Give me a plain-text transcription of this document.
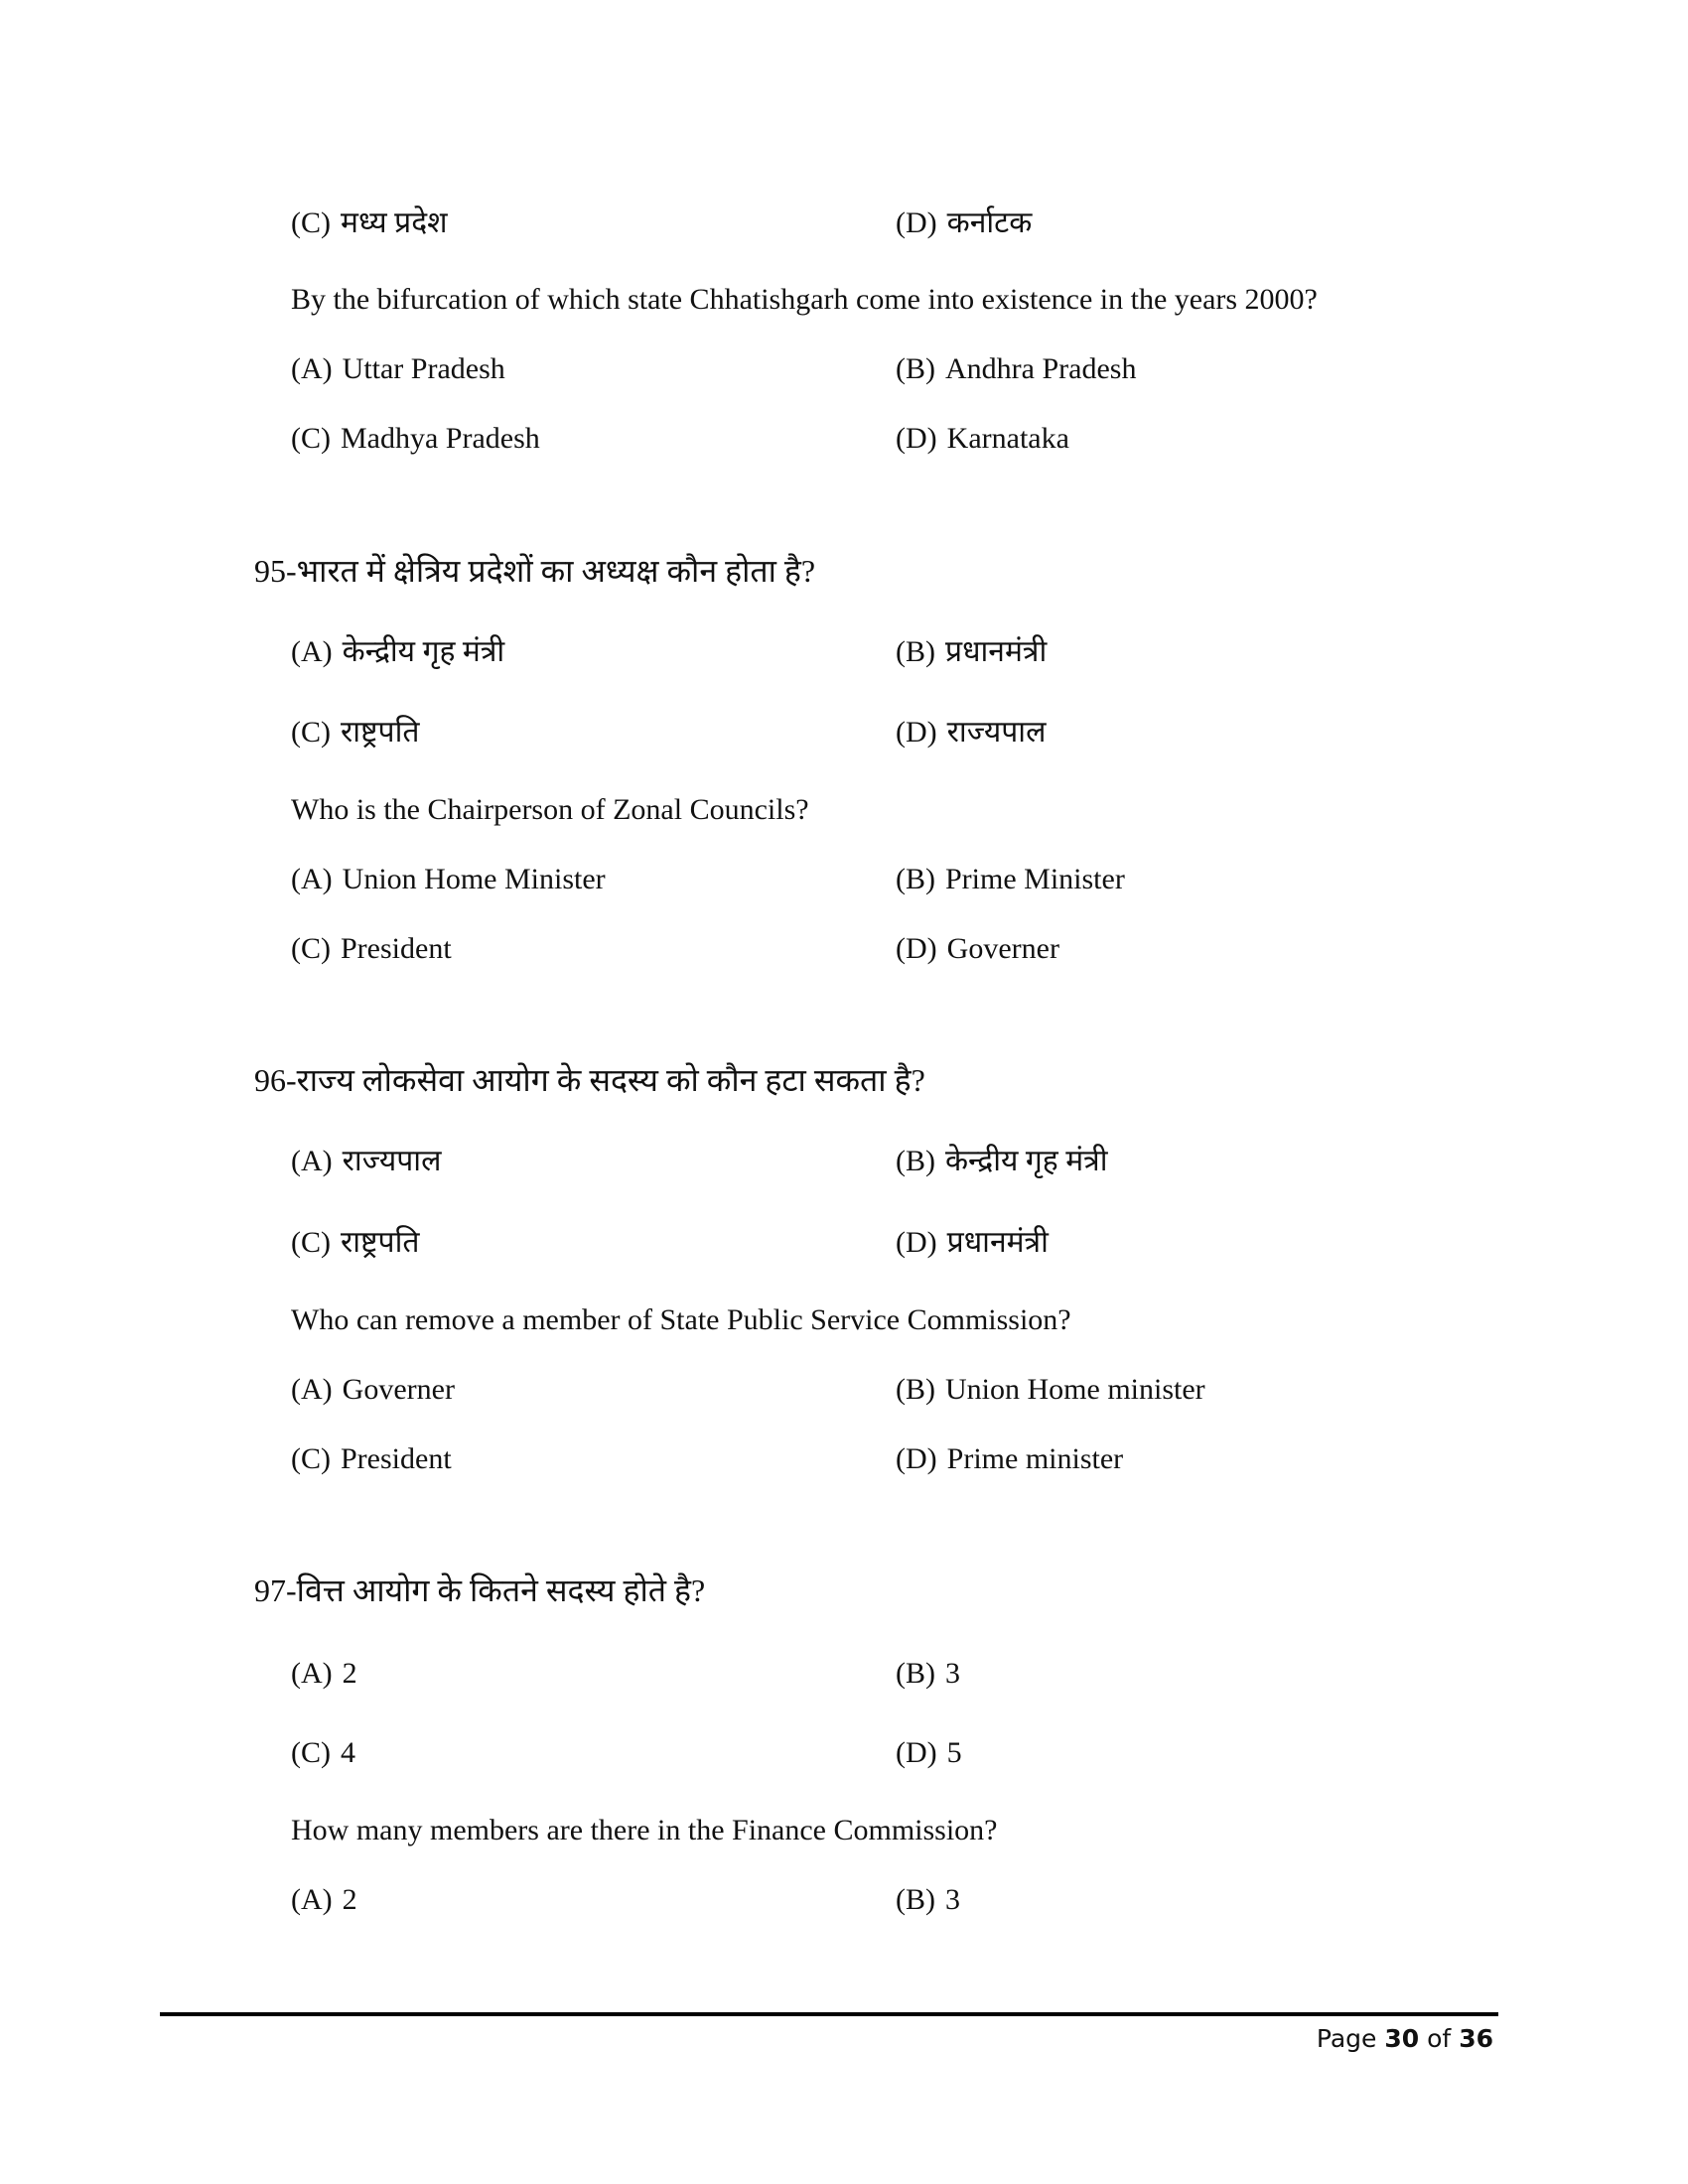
(C) मध्य प्रदेश	(D) कर्नाटक
By the bifurcation of which state Chhatishgarh come into existence in the years 2000?
(A) Uttar Pradesh	(B) Andhra Pradesh
(C) Madhya Pradesh	(D) Karnataka
95-भारत में क्षेत्रिय प्रदेशों का अध्यक्ष कौन होता है?
(A) केन्द्रीय गृह मंत्री	(B) प्रधानमंत्री
(C) राष्ट्रपति	(D) राज्यपाल
Who is the Chairperson of Zonal Councils?
(A) Union Home Minister	(B) Prime Minister
(C) President	(D) Governer
96-राज्य लोकसेवा आयोग के सदस्य को कौन हटा सकता है?
(A) राज्यपाल	(B) केन्द्रीय गृह मंत्री
(C) राष्ट्रपति	(D) प्रधानमंत्री
Who can remove a member of State Public Service Commission?
(A) Governer	(B) Union Home minister
(C) President	(D) Prime minister
97-वित्त आयोग के कितने सदस्य होते है?
(A) 2	(B) 3
(C) 4	(D) 5
How many members are there in the Finance Commission?
(A) 2	(B) 3
Page 30 of 36
